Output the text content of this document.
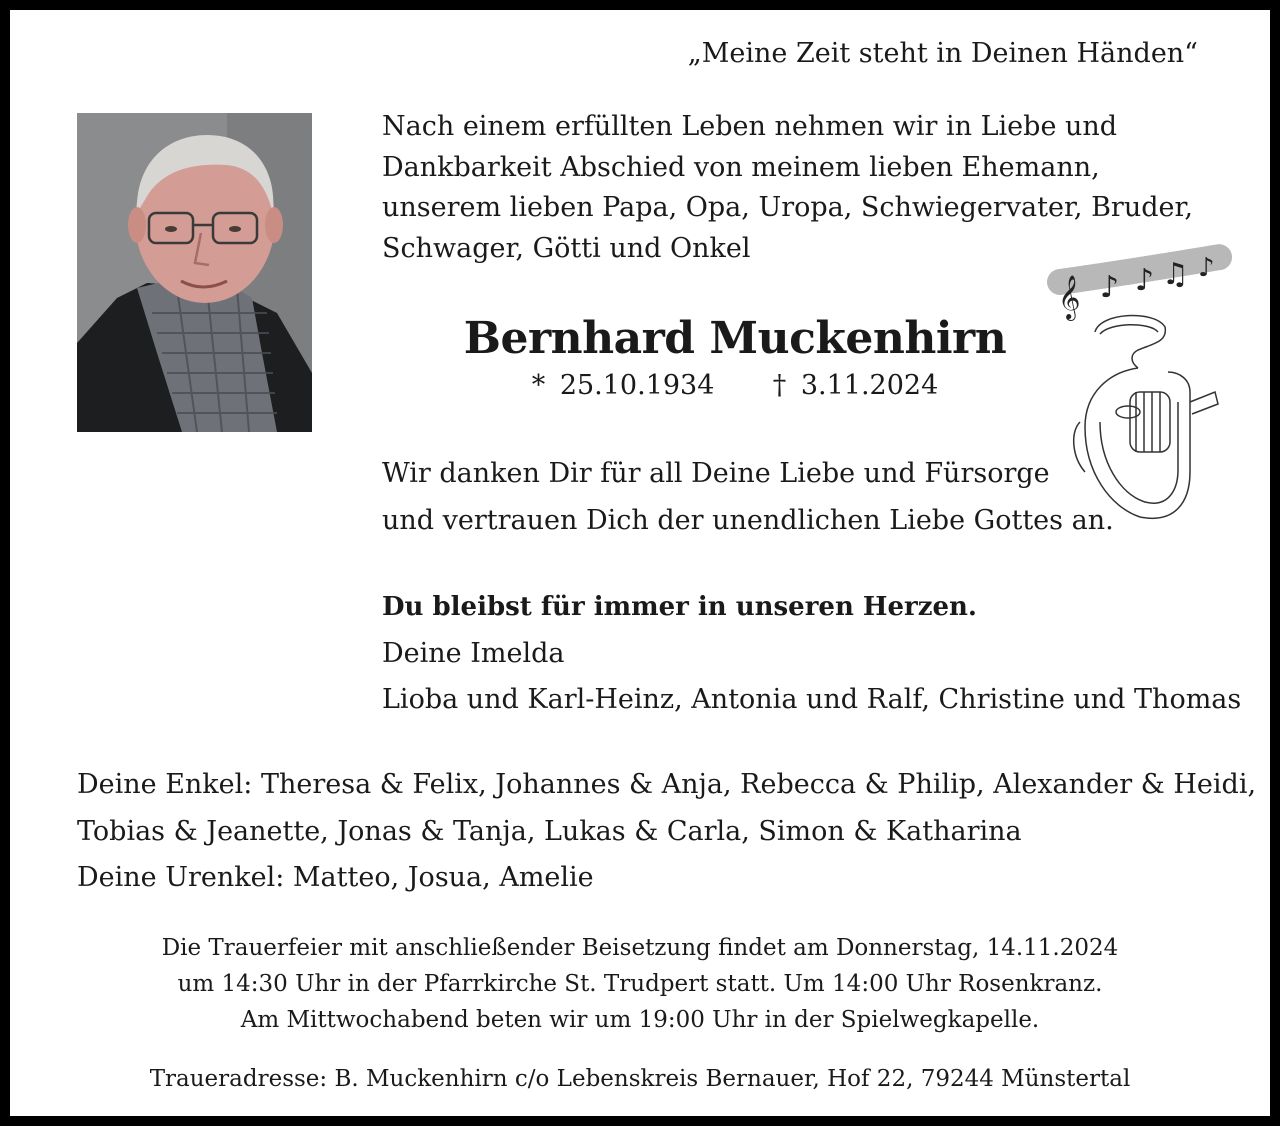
„Meine Zeit steht in Deinen Händen“
Nach einem erfüllten Leben nehmen wir in Liebe und
Dankbarkeit Abschied von meinem lieben Ehemann,
unserem lieben Papa, Opa, Uropa, Schwiegervater, Bruder,
Schwager, Götti und Onkel
𝄞 ♪ ♪ ♫ ♪
Bernhard Muckenhirn
* 25.10.1934 † 3.11.2024
Wir danken Dir für all Deine Liebe und Fürsorge
und vertrauen Dich der unendlichen Liebe Gottes an.
Du bleibst für immer in unseren Herzen.
Deine Imelda
Lioba und Karl-Heinz, Antonia und Ralf, Christine und Thomas
Deine Enkel: Theresa & Felix, Johannes & Anja, Rebecca & Philip, Alexander & Heidi,
Tobias & Jeanette, Jonas & Tanja, Lukas & Carla, Simon & Katharina
Deine Urenkel: Matteo, Josua, Amelie
Die Trauerfeier mit anschließender Beisetzung findet am Donnerstag, 14.11.2024
um 14:30 Uhr in der Pfarrkirche St. Trudpert statt. Um 14:00 Uhr Rosenkranz.
Am Mittwochabend beten wir um 19:00 Uhr in der Spielwegkapelle.
Traueradresse: B. Muckenhirn c/o Lebenskreis Bernauer, Hof 22, 79244 Münstertal
